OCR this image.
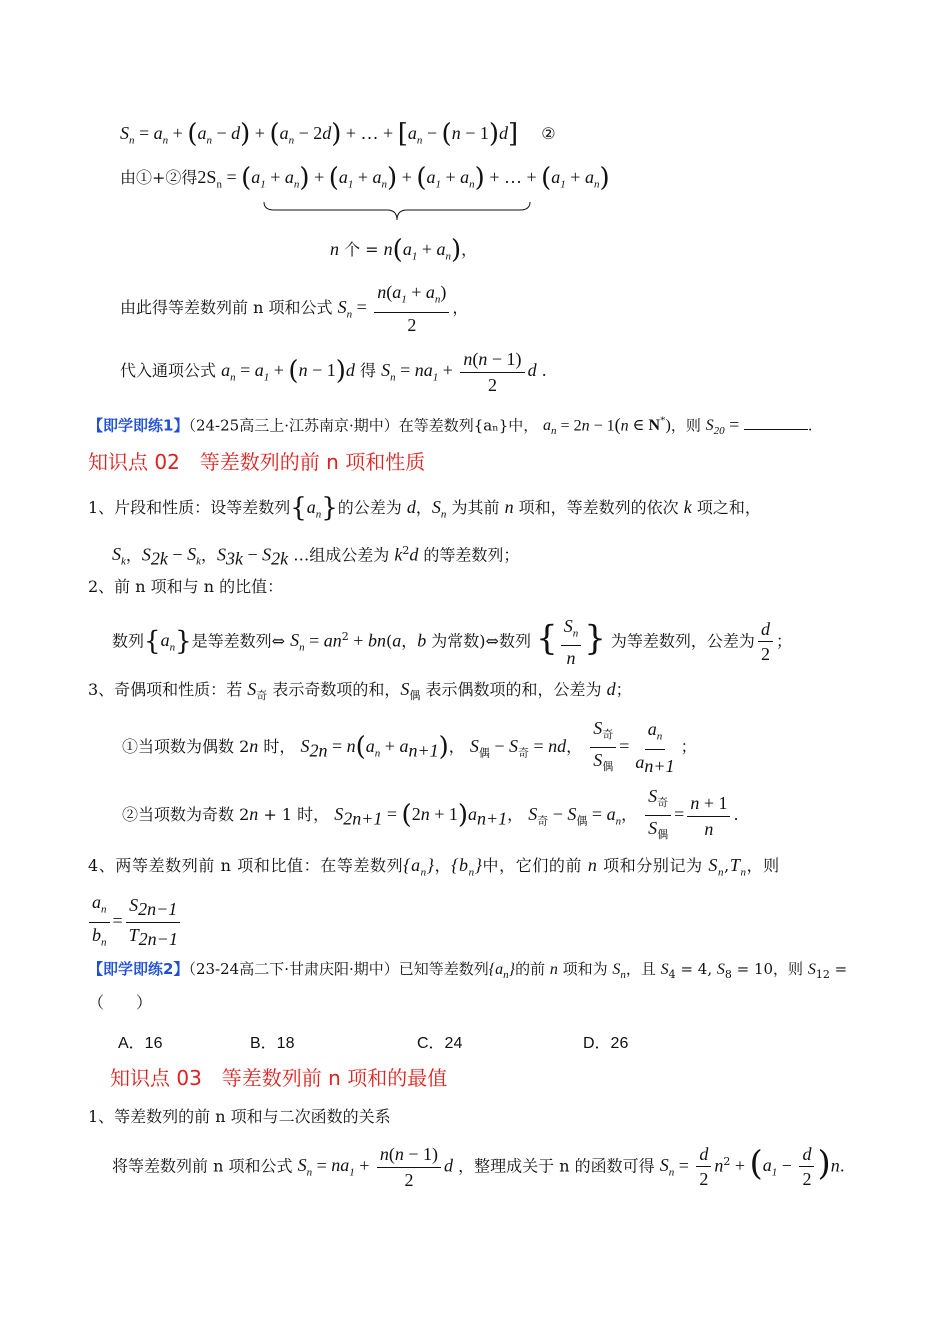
$S_n = a_n + (a_n - d) + (a_n - 2d)$ + … + $[a_n - (n - 1)d]$ ②
由①+②得$2S_n = (a_1 + a_n) + (a_1 + a_n) + (a_1 + a_n)$ + … + $(a_1 + a_n)$
n 个 = $n(a_1 + a_n)$，
由此得等差数列前 n 项和公式 $S_n = \frac{n(a_1 + a_n)}{2}$ ，
代入通项公式 $a_n = a_1 + (n - 1)d$ 得 $S_n = na_1 + \frac{n(n - 1)}{2}$ d .
【即学即练1】（24-25高三上·江苏南京·期中）在等差数列{aₙ}中， $a_n = 2n - 1(n$ ∈ N*)，则 $S_{20}$ =	.
知识点 02　等差数列的前 n 项和性质
1、片段和性质：设等差数列$\{a_n\}$的公差为 d，$S_n$ 为其前 n 项和，等差数列的依次 k 项之和，
$S_k$，$S_{2k} - S_k$，$S_{3k} - S_{2k}$ …组成公差为 $k^2d$ 的等差数列；
2、前 n 项和与 n 的比值：
数列$\{a_n\}$是等差数列⇔ $S_n = an^2 + bn(a$，b 为常数)⇔数列 { $\frac{S_n}{n}$ } 为等差数列，公差为 $\frac{d}{2}$ ；
3、奇偶项和性质：若 $S_奇$ 表示奇数项的和，$S_偶$ 表示偶数项的和，公差为 d；
①当项数为偶数 2n 时， $S_{2n} = n(a_n + a_{n+1})$， $S_偶 - S_奇$ = nd， $\frac{S_奇}{S_偶} = \frac{a_n}{a_{n+1}}$ ；
②当项数为奇数 2n + 1 时， $S_{2n+1} = (2n + 1)a_{n+1}$， $S_奇 - S_偶 = a_n$， $\frac{S_奇}{S_偶} = \frac{n + 1}{n}$ .
4、两等差数列前 n 项和比值：在等差数列$\{a_n\}$，$\{b_n\}$中，它们的前 n 项和分别记为 $S_n,T_n$，则
$\frac{a_n}{b_n} = \frac{S_{2n-1}}{T_{2n-1}}$
【即学即练2】（23-24高二下·甘肃庆阳·期中）已知等差数列$\{a_n\}$的前 n 项和为 $S_n$，且 $S_4 = 4$, $S_8 = 10$，则 $S_{12}$ =
（　　）
A．16	B．18	C．24	D．26
知识点 03　等差数列前 n 项和的最值
1、等差数列的前 n 项和与二次函数的关系
将等差数列前 n 项和公式 $S_n = na_1 + \frac{n(n - 1)}{2}$ d ，整理成关于 n 的函数可得 $S_n = \frac{d}{2} n^2 + (a_1 - \frac{d}{2} )n$.
